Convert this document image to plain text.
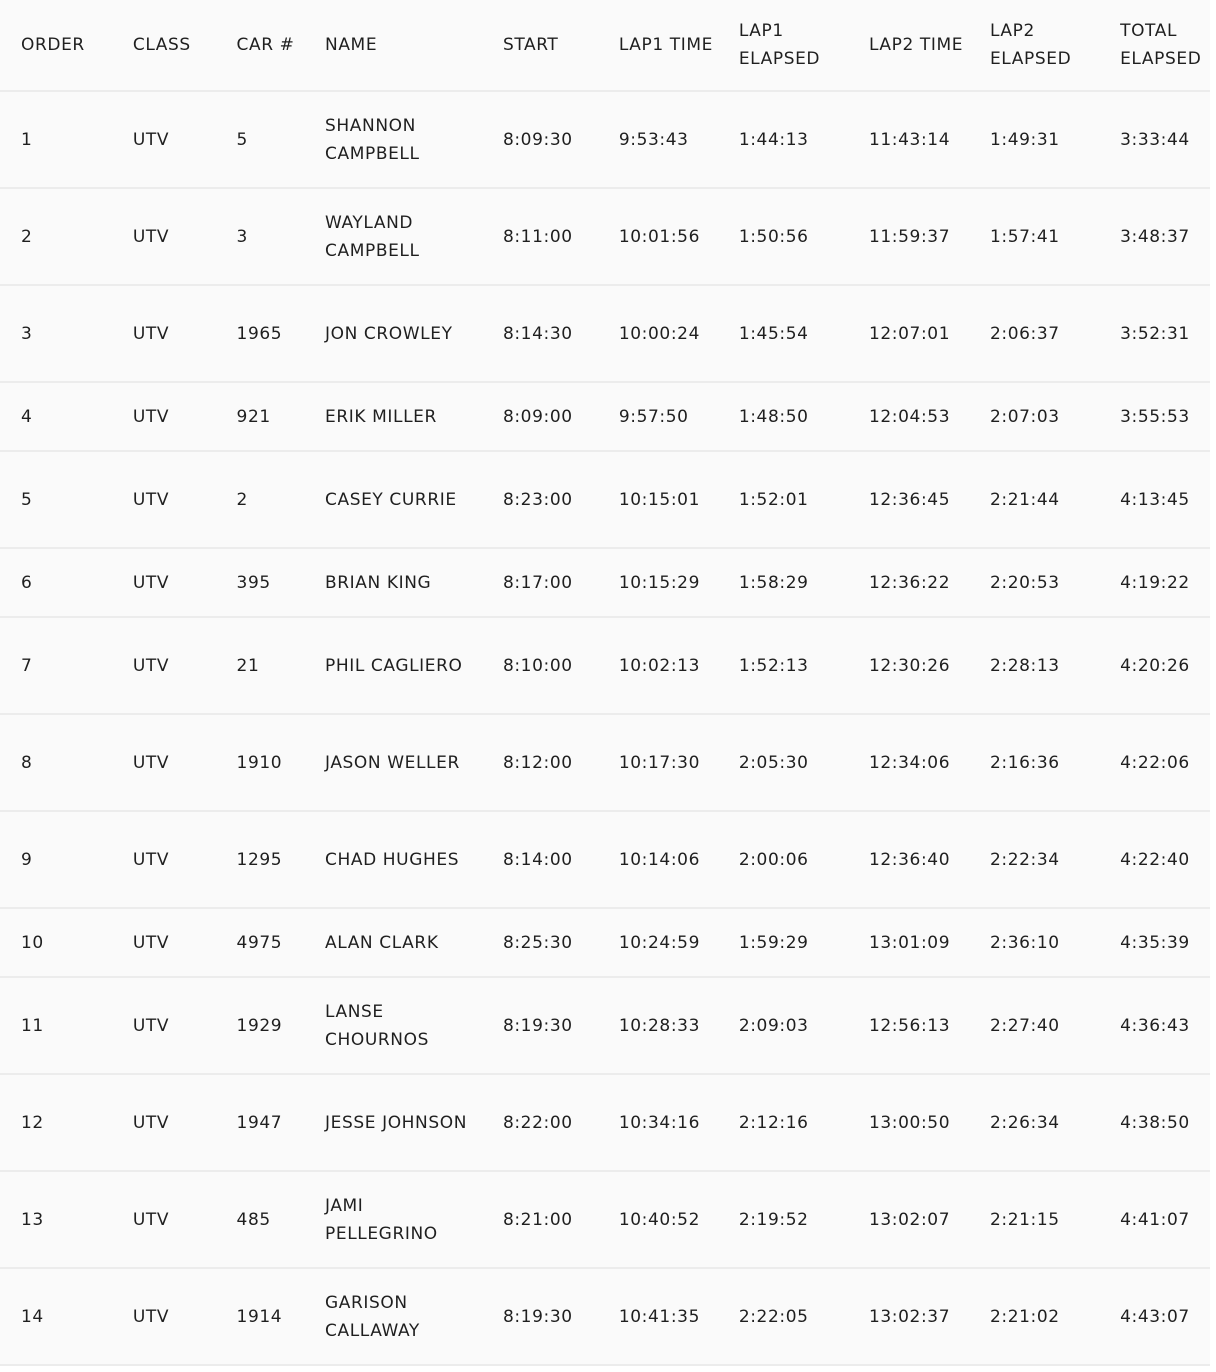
ORDER	CLASS	CAR #	NAME	START	LAP1 TIME	LAP1 ELAPSED	LAP2 TIME	LAP2 ELAPSED	TOTAL ELAPSED
1	UTV	5	SHANNON CAMPBELL	8:09:30	9:53:43	1:44:13	11:43:14	1:49:31	3:33:44
2	UTV	3	WAYLAND CAMPBELL	8:11:00	10:01:56	1:50:56	11:59:37	1:57:41	3:48:37
3	UTV	1965	JON CROWLEY	8:14:30	10:00:24	1:45:54	12:07:01	2:06:37	3:52:31
4	UTV	921	ERIK MILLER	8:09:00	9:57:50	1:48:50	12:04:53	2:07:03	3:55:53
5	UTV	2	CASEY CURRIE	8:23:00	10:15:01	1:52:01	12:36:45	2:21:44	4:13:45
6	UTV	395	BRIAN KING	8:17:00	10:15:29	1:58:29	12:36:22	2:20:53	4:19:22
7	UTV	21	PHIL CAGLIERO	8:10:00	10:02:13	1:52:13	12:30:26	2:28:13	4:20:26
8	UTV	1910	JASON WELLER	8:12:00	10:17:30	2:05:30	12:34:06	2:16:36	4:22:06
9	UTV	1295	CHAD HUGHES	8:14:00	10:14:06	2:00:06	12:36:40	2:22:34	4:22:40
10	UTV	4975	ALAN CLARK	8:25:30	10:24:59	1:59:29	13:01:09	2:36:10	4:35:39
11	UTV	1929	LANSE CHOURNOS	8:19:30	10:28:33	2:09:03	12:56:13	2:27:40	4:36:43
12	UTV	1947	JESSE JOHNSON	8:22:00	10:34:16	2:12:16	13:00:50	2:26:34	4:38:50
13	UTV	485	JAMI PELLEGRINO	8:21:00	10:40:52	2:19:52	13:02:07	2:21:15	4:41:07
14	UTV	1914	GARISON CALLAWAY	8:19:30	10:41:35	2:22:05	13:02:37	2:21:02	4:43:07
